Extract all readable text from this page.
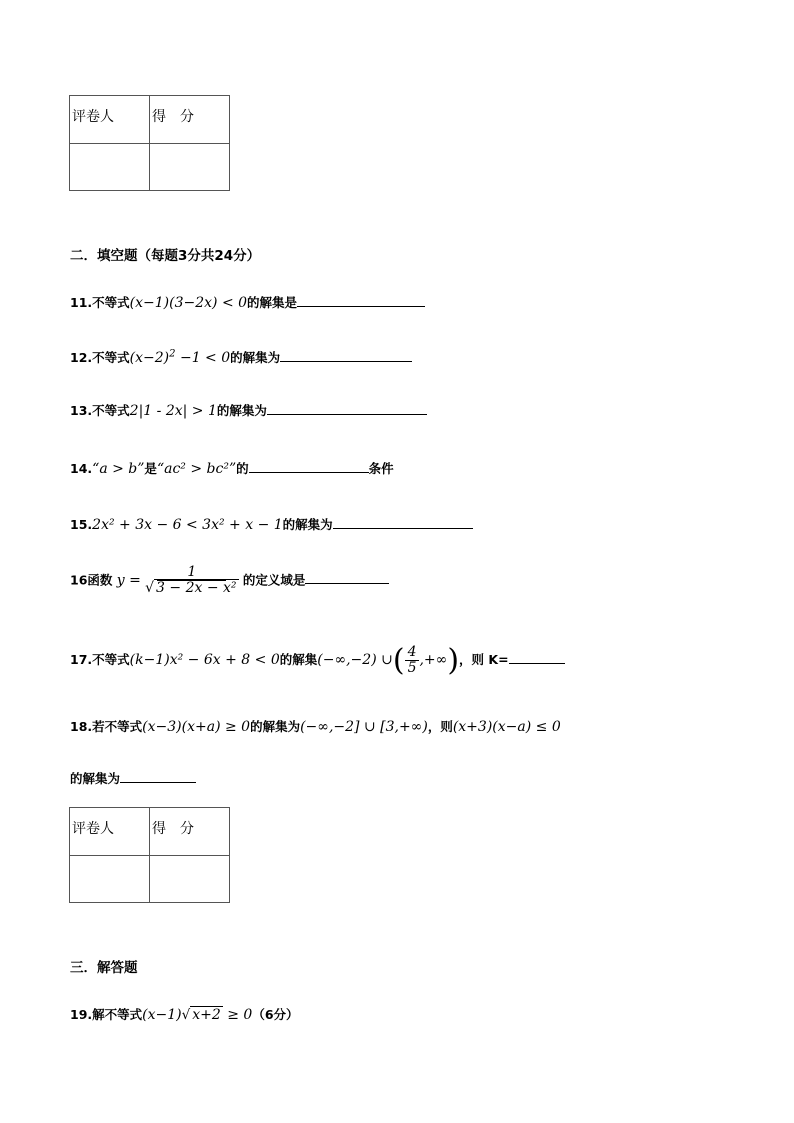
评卷人	得　分

二．填空题（每题3分共24分）
11.不等式(x−1)(3−2x) < 0的解集是
12.不等式$(x-2)^2 -1 < 0$的解集为
13.不等式2|1 - 2x| > 1的解集为
14.“a > b”是“ac² > bc²”的	条件
15.2x² + 3x − 6 < 3x² + x − 1的解集为
16函数 $y = \frac{1}{\text{√ 3 − 2x − x²}}$ 的定义域是
17.不等式(k−1)x² − 6x + 8 < 0的解集(−∞,−2) ∪( $\frac{4}{5}$ ,+∞)，则 K=
18.若不等式(x−3)(x+a) ≥ 0的解集为(−∞,−2] ∪ [3,+∞)，则(x+3)(x−a) ≤ 0
的解集为
评卷人	得　分

三．解答题
19.解不等式(x−1)√ x+2 ≥ 0（6分）
